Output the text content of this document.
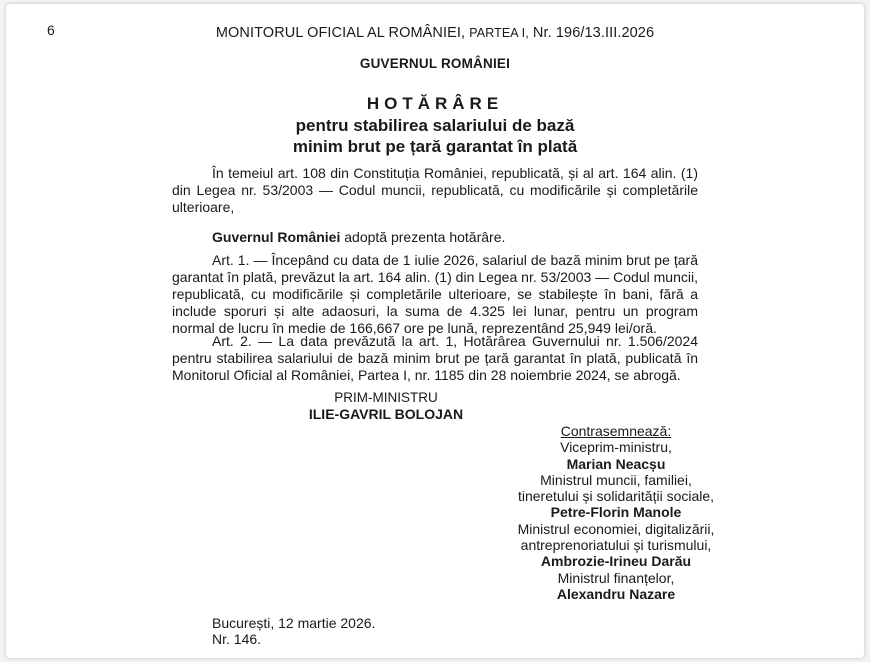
6	MONITORUL OFICIAL AL ROMÂNIEI, PARTEA I, Nr. 196/13.III.2026
GUVERNUL ROMÂNIEI
HOTĂRÂRE
pentru stabilirea salariului de bază
minim brut pe țară garantat în plată
În temeiul art. 108 din Constituția României, republicată, și al art. 164 alin. (1) din Legea nr. 53/2003 — Codul muncii, republicată, cu modificările și completările ulterioare,
Guvernul României adoptă prezenta hotărâre.
Art. 1. — Începând cu data de 1 iulie 2026, salariul de bază minim brut pe țară garantat în plată, prevăzut la art. 164 alin. (1) din Legea nr. 53/2003 — Codul muncii, republicată, cu modificările și completările ulterioare, se stabilește în bani, fără a include sporuri și alte adaosuri, la suma de 4.325 lei lunar, pentru un program normal de lucru în medie de 166,667 ore pe lună, reprezentând 25,949 lei/oră.
Art. 2. — La data prevăzută la art. 1, Hotărârea Guvernului nr. 1.506/2024 pentru stabilirea salariului de bază minim brut pe țară garantat în plată, publicată în Monitorul Oficial al României, Partea I, nr. 1185 din 28 noiembrie 2024, se abrogă.
PRIM-MINISTRU
ILIE-GAVRIL BOLOJAN
Contrasemnează:
Viceprim-ministru,
Marian Neacșu
Ministrul muncii, familiei,
tineretului și solidarității sociale,
Petre-Florin Manole
Ministrul economiei, digitalizării,
antreprenoriatului și turismului,
Ambrozie-Irineu Darău
Ministrul finanțelor,
Alexandru Nazare
București, 12 martie 2026.
Nr. 146.
